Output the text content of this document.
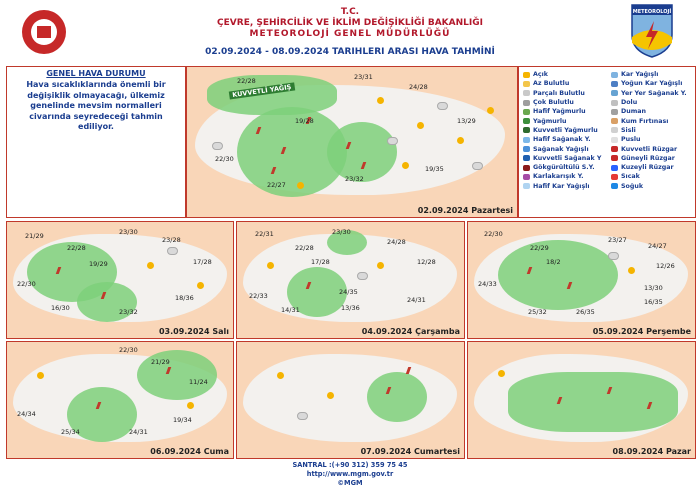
T.C.
ÇEVRE, ŞEHİRCİLİK VE İKLİM DEĞİŞİKLİĞİ BAKANLIĞI
METEOROLOJİ GENEL MÜDÜRLÜĞÜ
02.09.2024 - 08.09.2024 TARIHLERI ARASI HAVA TAHMİNİ
METEOROLOJİ
GENEL HAVA DURUMU
Hava sıcaklıklarında önemli bir değişiklik olmayacağı, ülkemiz genelinde mevsim normalleri civarında seyredeceği tahmin ediliyor.
KUVVETLİ YAĞIŞ
22/28	23/31
24/28
19/28	13/29
22/30
19/35
22/27
23/32
02.09.2024 Pazartesi
Açık
Az Bulutlu
Parçalı Bulutlu
Çok Bulutlu
Hafif Yağmurlu
Yağmurlu
Kuvvetli Yağmurlu
Hafif Sağanak Y.
Sağanak Yağışlı
Kuvvetli Sağanak Y
Gökgürültülü S.Y.
Karlakarışık Y.
Hafif Kar Yağışlı
Kar Yağışlı
Yoğun Kar Yağışlı
Yer Yer Sağanak Y.
Dolu
Duman
Kum Fırtınası
Sisli
Puslu
Kuvvetli Rüzgar
Güneyli Rüzgar
Kuzeyli Rüzgar
Sıcak
Soğuk
21/29	23/30
23/28
22/28
19/29	17/28
22/30
16/30
18/36
23/32
03.09.2024 Salı
22/31	23/30
24/28
22/28
17/28	12/28
22/33
14/31
24/31
13/36
24/35
04.09.2024 Çarşamba
22/30
23/27
24/27
22/29
18/2	12/26
24/33	13/30
16/35
25/32	26/35
05.09.2024 Perşembe
22/30
21/29
11/24
24/34
19/34
25/34	24/31
06.09.2024 Cuma	07.09.2024 Cumartesi	08.09.2024 Pazar
SANTRAL :(+90 312) 359 75 45
http://www.mgm.gov.tr
©MGM
